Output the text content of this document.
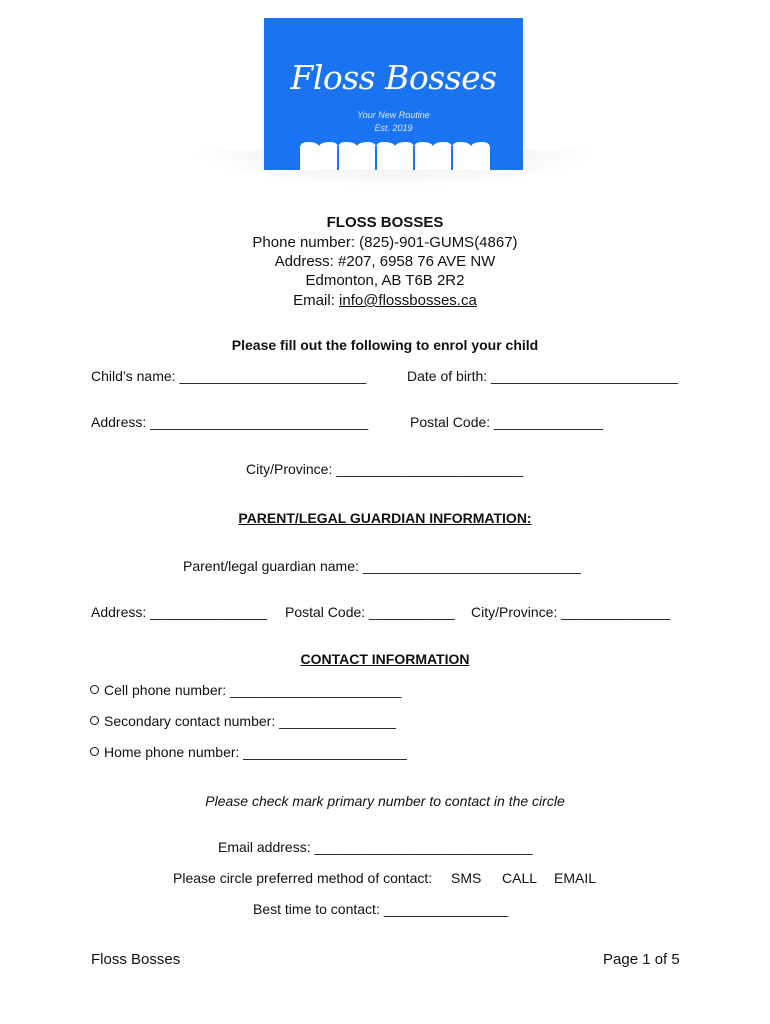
Floss Bosses
Your New Routine
Est. 2019
FLOSS BOSSES
Phone number: (825)-901-GUMS(4867)
Address: #207, 6958 76 AVE NW
Edmonton, AB T6B 2R2
Email: info@flossbosses.ca
Please fill out the following to enrol your child
Child’s name: ________________________	Date of birth: ________________________
Address: ____________________________	Postal Code: ______________
City/Province: ________________________
PARENT/LEGAL GUARDIAN INFORMATION:
Parent/legal guardian name: ____________________________
Address: _______________ Postal Code: ___________ City/Province: ______________
CONTACT INFORMATION
Cell phone number: ______________________
Secondary contact number: _______________
Home phone number: _____________________
Please check mark primary number to contact in the circle
Email address: ____________________________
Please circle preferred method of contact: SMS CALL EMAIL
Best time to contact: ________________
Floss Bosses	Page 1 of 5
